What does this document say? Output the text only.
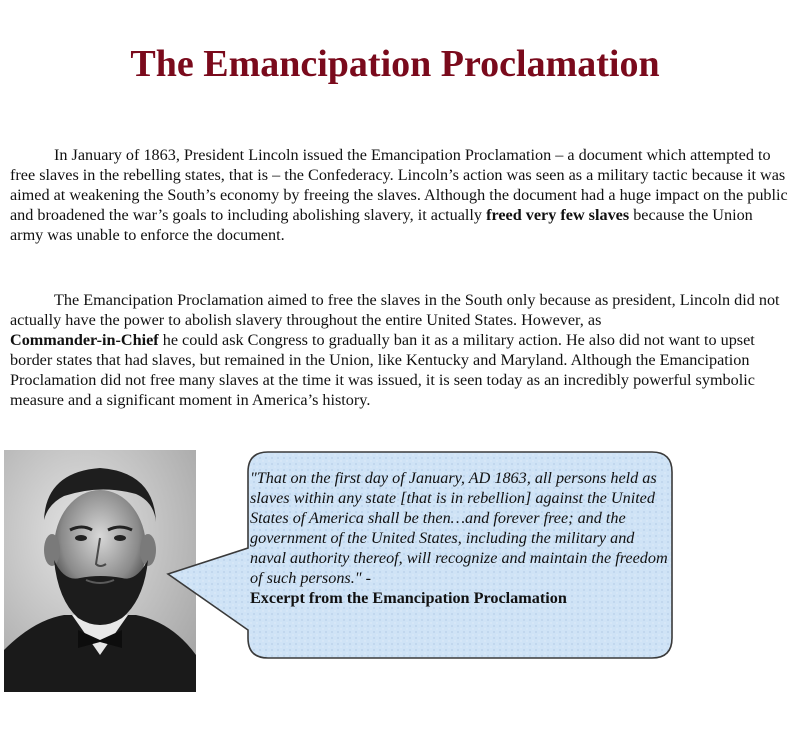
The Emancipation Proclamation

In January of 1863, President Lincoln issued the Emancipation Proclamation – a document which attempted to free slaves in the rebelling states, that is – the Confederacy. Lincoln’s action was seen as a military tactic because it was aimed at weakening the South’s economy by freeing the slaves. Although the document had a huge impact on the public and broadened the war’s goals to including abolishing slavery, it actually freed very few slaves because the Union army was unable to enforce the document.

The Emancipation Proclamation aimed to free the slaves in the South only because as president, Lincoln did not actually have the power to abolish slavery throughout the entire United States. However, as
Commander-in-Chief he could ask Congress to gradually ban it as a military action. He also did not want to upset border states that had slaves, but remained in the Union, like Kentucky and Maryland. Although the Emancipation Proclamation did not free many slaves at the time it was issued, it is seen today as an incredibly powerful symbolic measure and a significant moment in America’s history.

"That on the first day of January, AD 1863, all persons held as slaves within any state [that is in rebellion] against the United States of America shall be then…and forever free; and the government of the United States, including the military and naval authority thereof, will recognize and maintain the freedom of such persons." -
Excerpt from the Emancipation Proclamation
